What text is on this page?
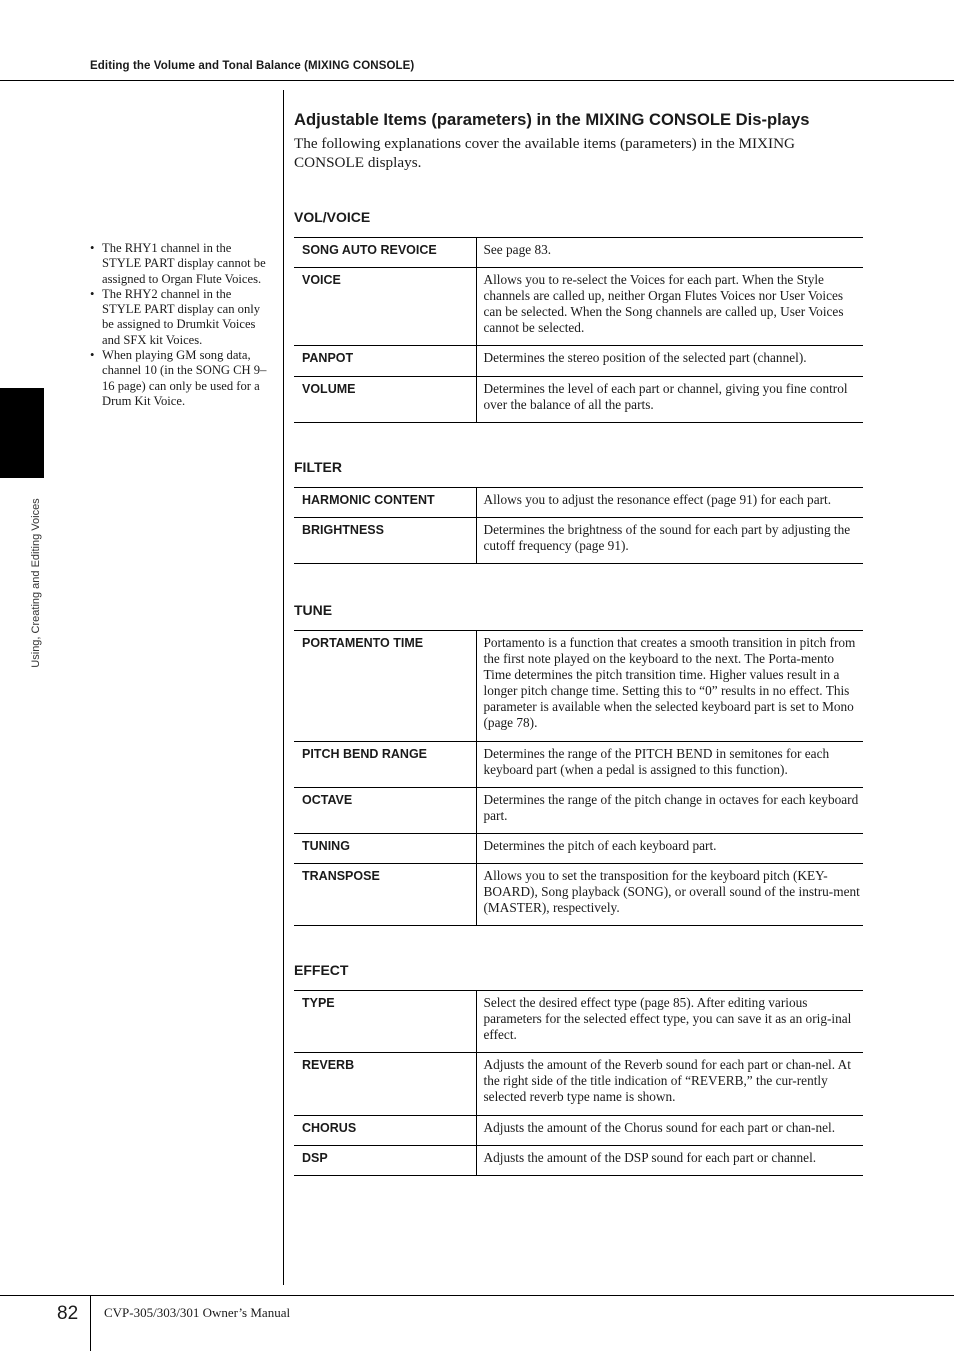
Editing the Volume and Tonal Balance (MIXING CONSOLE)
Using, Creating and Editing Voices
• The RHY1 channel in the STYLE PART display cannot be assigned to Organ Flute Voices.
• The RHY2 channel in the STYLE PART display can only be assigned to Drumkit Voices and SFX kit Voices.
• When playing GM song data, channel 10 (in the SONG CH 9–16 page) can only be used for a Drum Kit Voice.
Adjustable Items (parameters) in the MIXING CONSOLE Dis-plays

The following explanations cover the available items (parameters) in the MIXING CONSOLE displays.

VOL/VOICE
SONG AUTO REVOICE	See page 83.
VOICE	Allows you to re-select the Voices for each part. When the Style channels are called up, neither Organ Flutes Voices nor User Voices can be selected. When the Song channels are called up, User Voices cannot be selected.
PANPOT	Determines the stereo position of the selected part (channel).
VOLUME	Determines the level of each part or channel, giving you fine control over the balance of all the parts.
FILTER
HARMONIC CONTENT	Allows you to adjust the resonance effect (page 91) for each part.
BRIGHTNESS	Determines the brightness of the sound for each part by adjusting the cutoff frequency (page 91).
TUNE
PORTAMENTO TIME	Portamento is a function that creates a smooth transition in pitch from the first note played on the keyboard to the next. The Porta-mento Time determines the pitch transition time. Higher values result in a longer pitch change time. Setting this to “0” results in no effect. This parameter is available when the selected keyboard part is set to Mono (page 78).
PITCH BEND RANGE	Determines the range of the PITCH BEND in semitones for each keyboard part (when a pedal is assigned to this function).
OCTAVE	Determines the range of the pitch change in octaves for each keyboard part.
TUNING	Determines the pitch of each keyboard part.
TRANSPOSE	Allows you to set the transposition for the keyboard pitch (KEY-BOARD), Song playback (SONG), or overall sound of the instru-ment (MASTER), respectively.
EFFECT
TYPE	Select the desired effect type (page 85). After editing various parameters for the selected effect type, you can save it as an orig-inal effect.
REVERB	Adjusts the amount of the Reverb sound for each part or chan-nel. At the right side of the title indication of “REVERB,” the cur-rently selected reverb type name is shown.
CHORUS	Adjusts the amount of the Chorus sound for each part or chan-nel.
DSP	Adjusts the amount of the DSP sound for each part or channel.
82 CVP-305/303/301 Owner’s Manual
